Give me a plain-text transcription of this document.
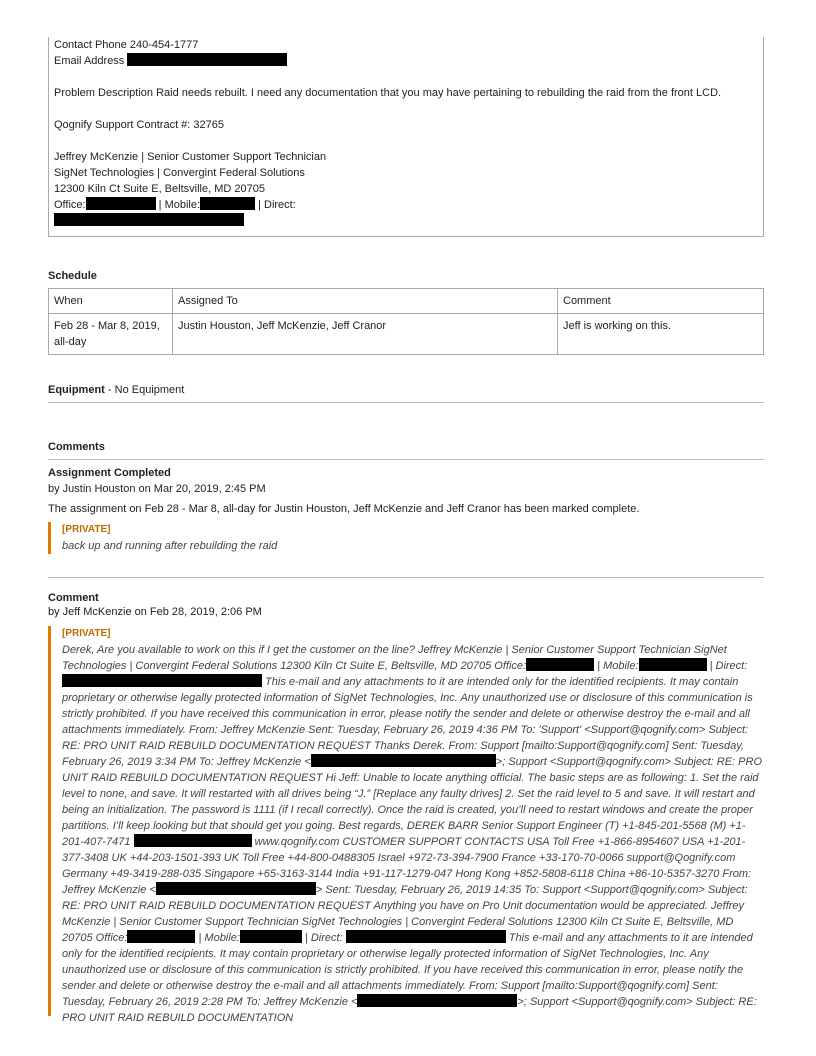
Contact Phone 240-454-1777

Email Address

Problem Description Raid needs rebuilt. I need any documentation that you may have pertaining to rebuilding the raid from the front LCD.

Qognify Support Contract #: 32765

Jeffrey McKenzie | Senior Customer Support Technician

SigNet Technologies | Convergint Federal Solutions

12300 Kiln Ct Suite E, Beltsville, MD 20705

Office:	| Mobile:	| Direct:

Schedule
When	Assigned To	Comment
Feb 28 - Mar 8, 2019, all-day	Justin Houston, Jeff McKenzie, Jeff Cranor	Jeff is working on this.
Equipment - No Equipment
Comments
Assignment Completed
by Justin Houston on Mar 20, 2019, 2:45 PM
The assignment on Feb 28 - Mar 8, all-day for Justin Houston, Jeff McKenzie and Jeff Cranor has been marked complete.
[PRIVATE]
back up and running after rebuilding the raid
Comment
by Jeff McKenzie on Feb 28, 2019, 2:06 PM
[PRIVATE]

Derek, Are you available to work on this if I get the customer on the line? Jeffrey McKenzie | Senior Customer Support Technician SigNet Technologies | Convergint Federal Solutions 12300 Kiln Ct Suite E, Beltsville, MD 20705 Office:	| Mobile:	| Direct:  This e-mail and any attachments to it are intended only for the identified recipients. It may contain proprietary or otherwise legally protected information of SigNet Technologies, Inc. Any unauthorized use or disclosure of this communication is strictly prohibited. If you have received this communication in error, please notify the sender and delete or otherwise destroy the e-mail and all attachments immediately. From: Jeffrey McKenzie Sent: Tuesday, February 26, 2019 4:36 PM To: 'Support' <Support@qognify.com> Subject: RE: PRO UNIT RAID REBUILD DOCUMENTATION REQUEST Thanks Derek. From: Support [mailto:Support@qognify.com] Sent: Tuesday, February 26, 2019 3:34 PM To: Jeffrey McKenzie <	>; Support <Support@qognify.com> Subject: RE: PRO UNIT RAID REBUILD DOCUMENTATION REQUEST Hi Jeff: Unable to locate anything official. The basic steps are as following: 1. Set the raid level to none, and save. It will restarted with all drives being “J.” [Replace any faulty drives] 2. Set the raid level to 5 and save. It will restart and being an initialization. The password is 1111 (if I recall correctly). Once the raid is created, you’ll need to restart windows and create the proper partitions. I’ll keep looking but that should get you going. Best regards, DEREK BARR Senior Support Engineer (T) +1-845-201-5568 (M) +1-201-407-7471	www.qognify.com CUSTOMER SUPPORT CONTACTS USA Toll Free +1-866-8954607 USA +1-201-377-3408 UK +44-203-1501-393 UK Toll Free +44-800-0488305 Israel +972-73-394-7900 France +33-170-70-0066 support@Qognify.com Germany +49-3419-288-035 Singapore +65-3163-3144 India +91-117-1279-047 Hong Kong +852-5808-6118 China +86-10-5357-3270 From: Jeffrey McKenzie <	> Sent: Tuesday, February 26, 2019 14:35 To: Support <Support@qognify.com> Subject: RE: PRO UNIT RAID REBUILD DOCUMENTATION REQUEST Anything you have on Pro Unit documentation would be appreciated. Jeffrey McKenzie | Senior Customer Support Technician SigNet Technologies | Convergint Federal Solutions 12300 Kiln Ct Suite E, Beltsville, MD 20705 Office:	| Mobile:	| Direct:	This e-mail and any attachments to it are intended only for the identified recipients. It may contain proprietary or otherwise legally protected information of SigNet Technologies, Inc. Any unauthorized use or disclosure of this communication is strictly prohibited. If you have received this communication in error, please notify the sender and delete or otherwise destroy the e-mail and all attachments immediately. From: Support [mailto:Support@qognify.com] Sent: Tuesday, February 26, 2019 2:28 PM To: Jeffrey McKenzie <	>; Support <Support@qognify.com> Subject: RE: PRO UNIT RAID REBUILD DOCUMENTATION
